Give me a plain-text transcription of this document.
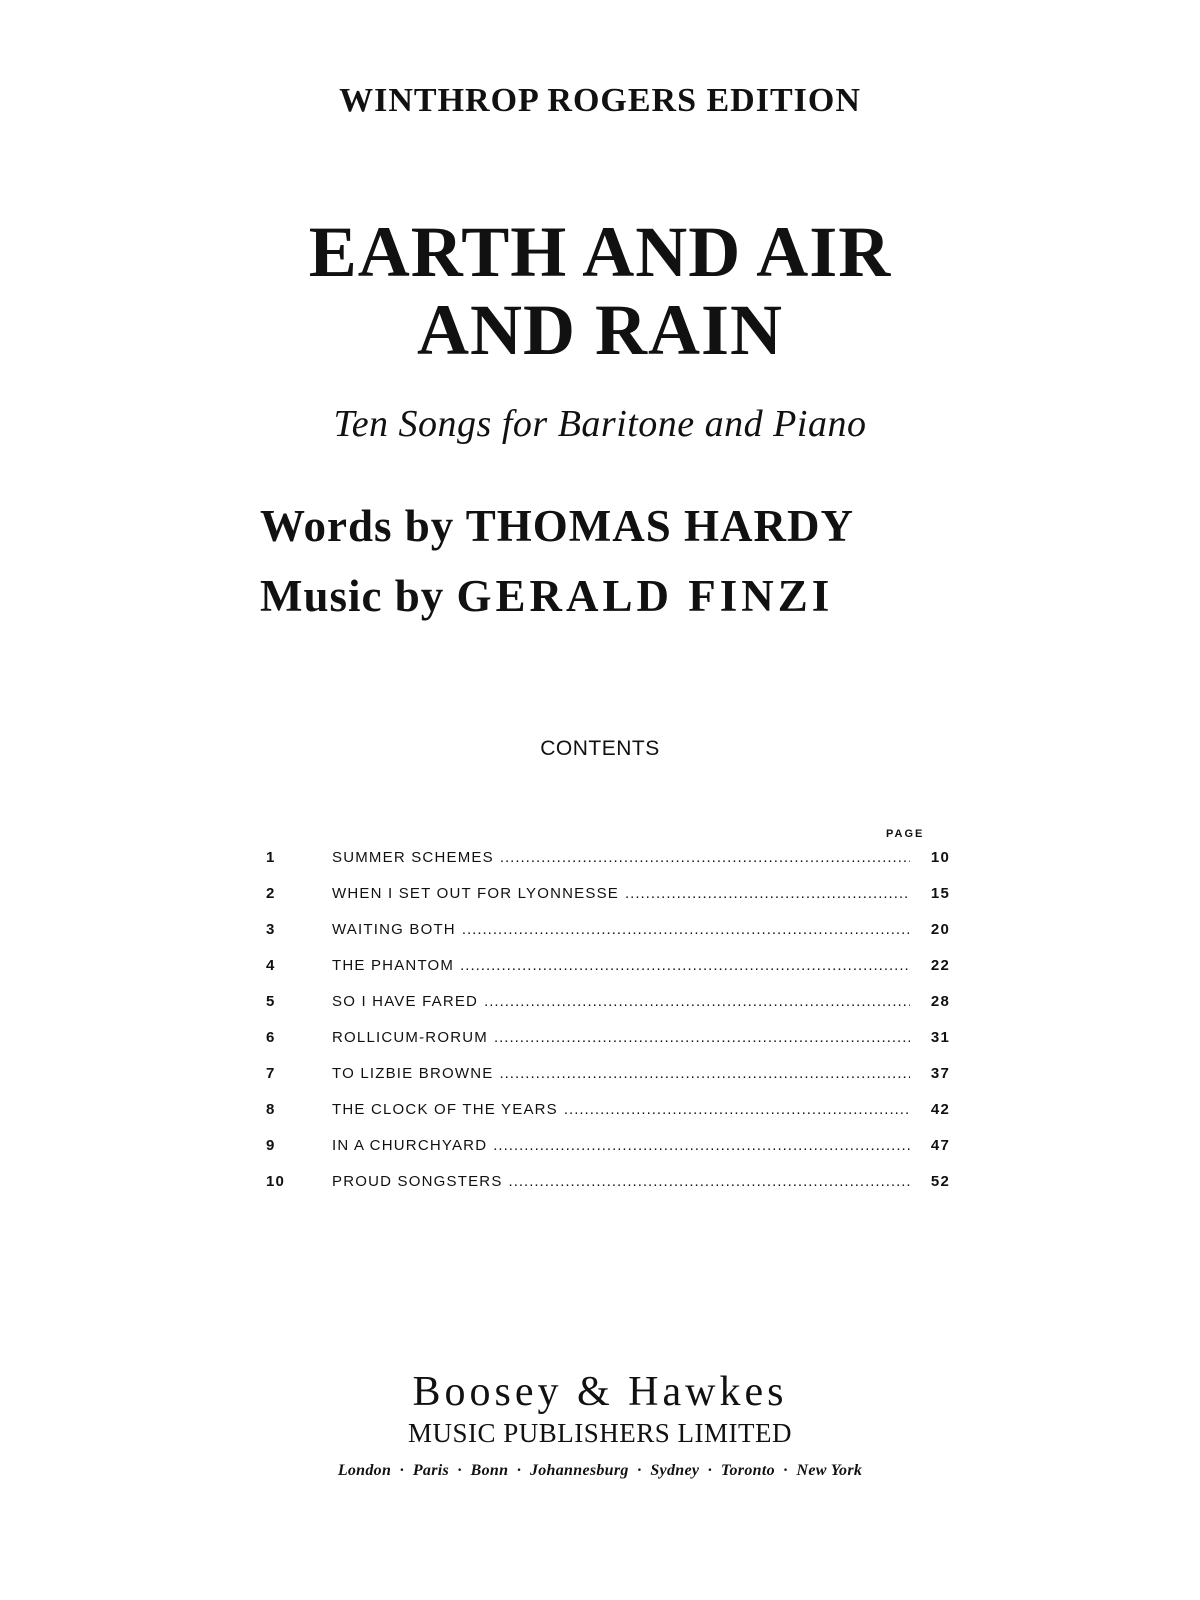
WINTHROP ROGERS EDITION
EARTH AND AIR
AND RAIN
Ten Songs for Baritone and Piano
Words by THOMAS HARDY
Music by GERALD FINZI
CONTENTS
PAGE
1	SUMMER SCHEMES .....	10
2	WHEN I SET OUT FOR LYONNESSE .....	15
3	WAITING BOTH .....	20
4	THE PHANTOM .....	22
5	SO I HAVE FARED .....	28
6	ROLLICUM-RORUM .....	31
7	TO LIZBIE BROWNE .....	37
8	THE CLOCK OF THE YEARS .....	42
9	IN A CHURCHYARD .....	47
10	PROUD SONGSTERS .....	52
Boosey & Hawkes
MUSIC PUBLISHERS LIMITED
London · Paris · Bonn · Johannesburg · Sydney · Toronto · New York
